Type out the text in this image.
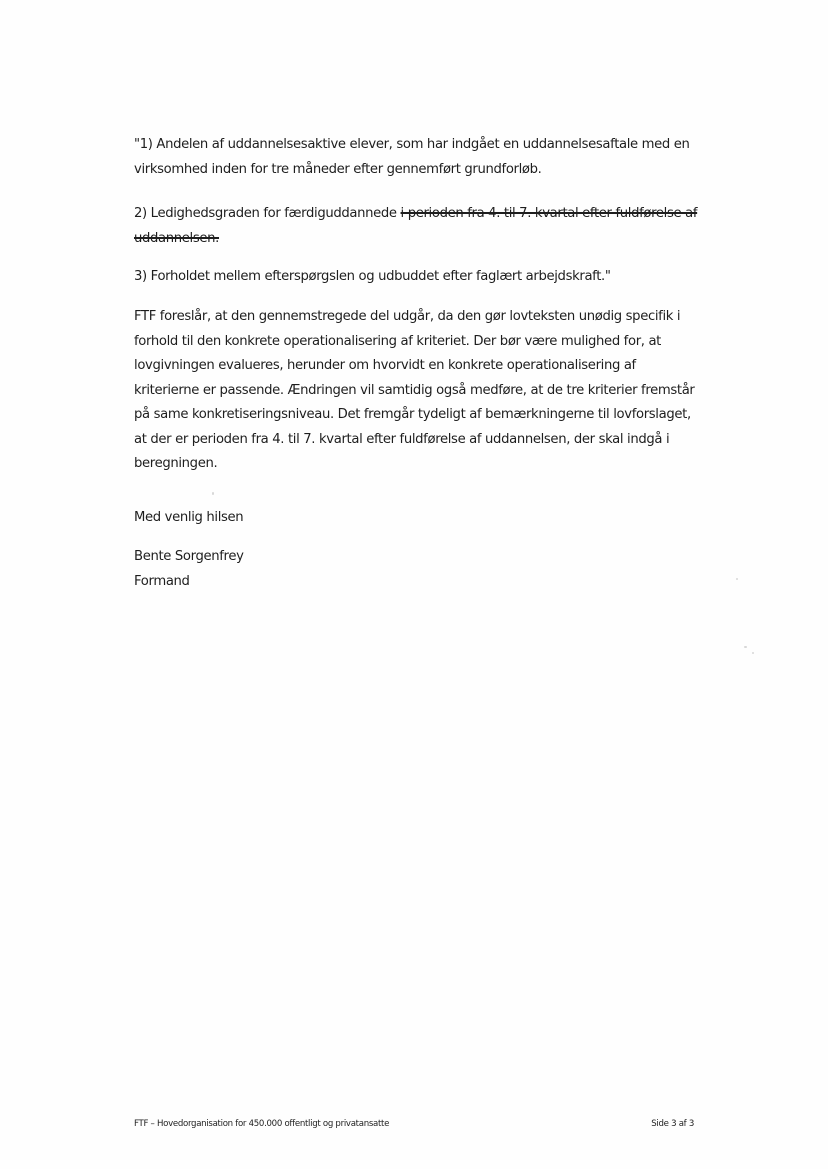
"1) Andelen af uddannelsesaktive elever, som har indgået en uddannelsesaftale med en virksomhed inden for tre måneder efter gennemført grundforløb.

2) Ledighedsgraden for færdiguddannede i perioden fra 4. til 7. kvartal efter fuldførelse af uddannelsen.

3) Forholdet mellem efterspørgslen og udbuddet efter faglært arbejdskraft."

FTF foreslår, at den gennemstregede del udgår, da den gør lovteksten unødig specifik i forhold til den konkrete operationalisering af kriteriet. Der bør være mulighed for, at lovgivningen evalueres, herunder om hvorvidt en konkrete operationalisering af kriterierne er passende. Ændringen vil samtidig også medføre, at de tre kriterier fremstår på same konkretiseringsniveau. Det fremgår tydeligt af bemærkningerne til lovforslaget, at der er perioden fra 4. til 7. kvartal efter fuldførelse af uddannelsen, der skal indgå i beregningen.

Med venlig hilsen

Bente Sorgenfrey

Formand

FTF – Hovedorganisation for 450.000 offentligt og privatansatte	Side 3 af 3
